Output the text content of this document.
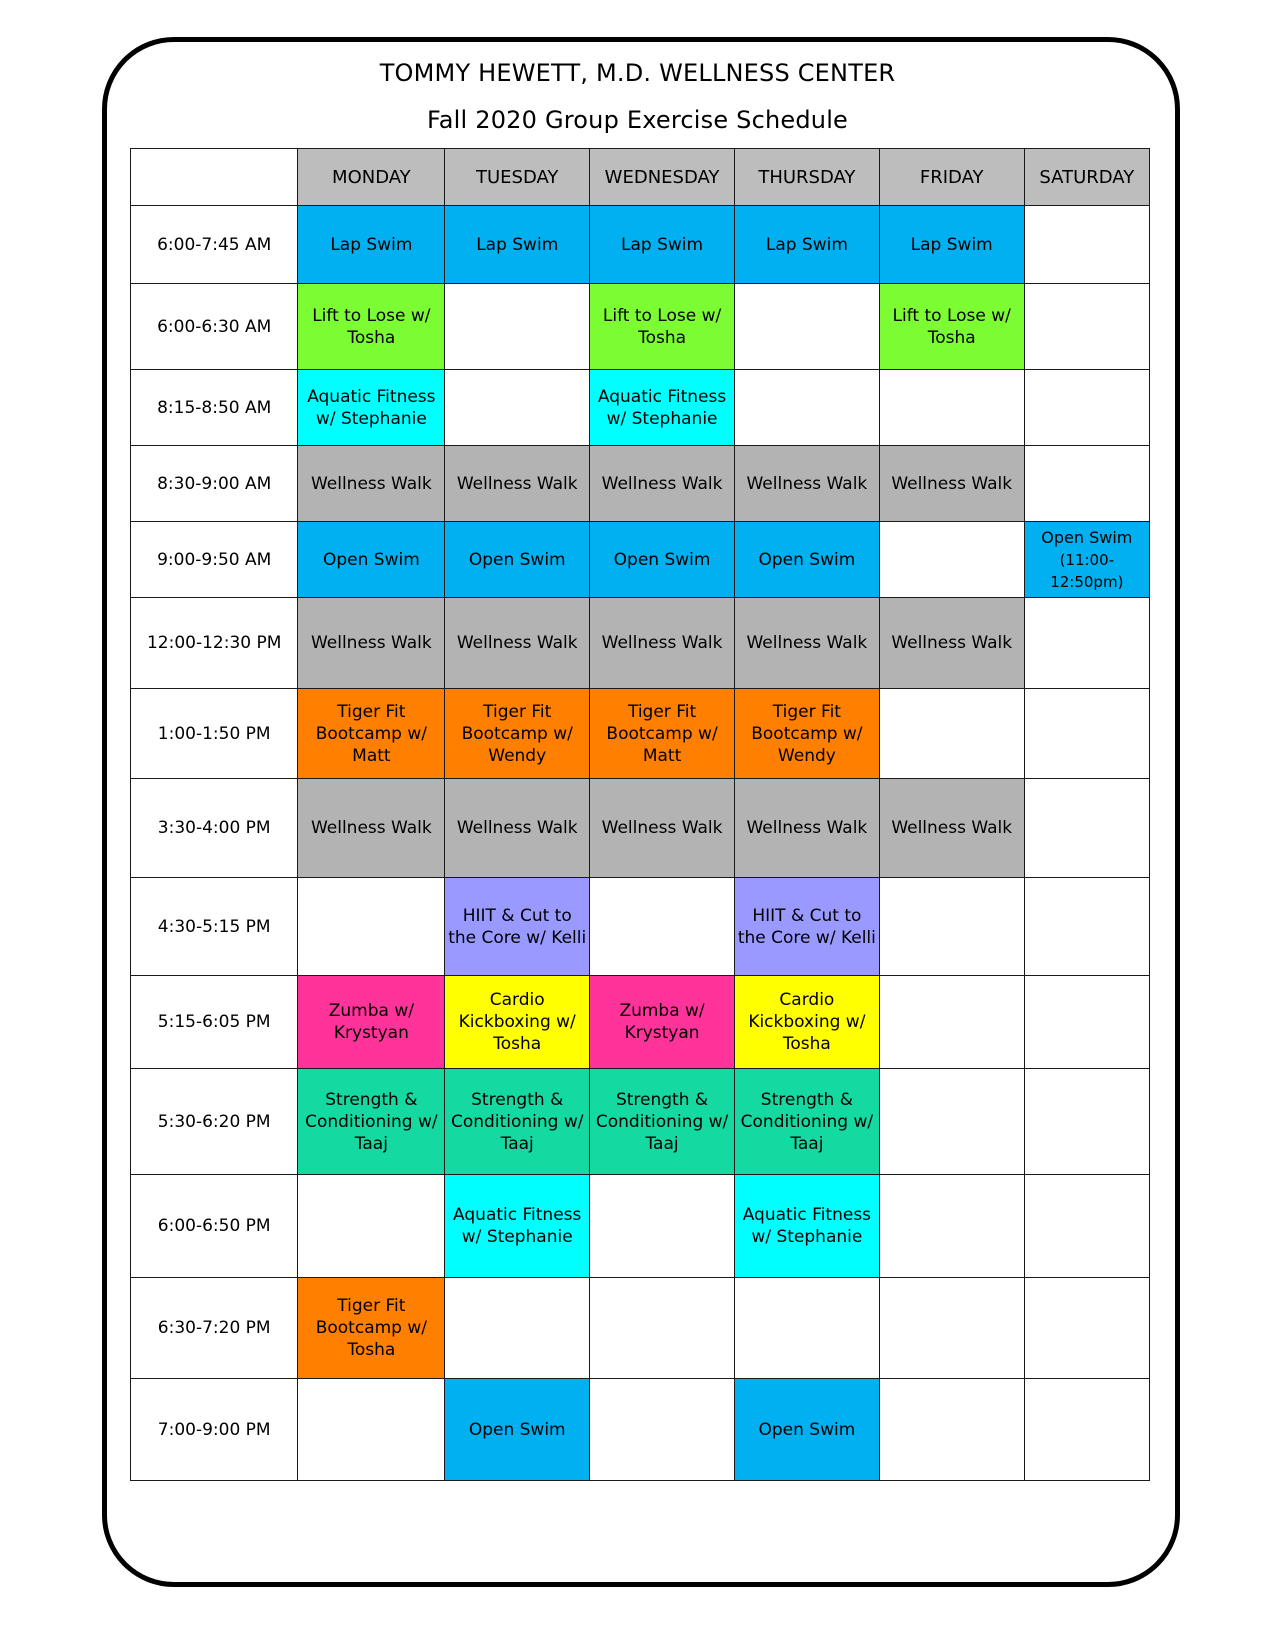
TOMMY HEWETT, M.D. WELLNESS CENTER
Fall 2020 Group Exercise Schedule
	MONDAY	TUESDAY	WEDNESDAY	THURSDAY	FRIDAY	SATURDAY
6:00-7:45 AM	Lap Swim	Lap Swim	Lap Swim	Lap Swim	Lap Swim	
6:00-6:30 AM	Lift to Lose w/ Tosha		Lift to Lose w/ Tosha		Lift to Lose w/ Tosha	
8:15-8:50 AM	Aquatic Fitness w/ Stephanie		Aquatic Fitness w/ Stephanie			
8:30-9:00 AM	Wellness Walk	Wellness Walk	Wellness Walk	Wellness Walk	Wellness Walk	
9:00-9:50 AM	Open Swim	Open Swim	Open Swim	Open Swim		Open Swim
(11:00-12:50pm)
12:00-12:30 PM	Wellness Walk	Wellness Walk	Wellness Walk	Wellness Walk	Wellness Walk	
1:00-1:50 PM	Tiger Fit Bootcamp w/ Matt	Tiger Fit Bootcamp w/ Wendy	Tiger Fit Bootcamp w/ Matt	Tiger Fit Bootcamp w/ Wendy		
3:30-4:00 PM	Wellness Walk	Wellness Walk	Wellness Walk	Wellness Walk	Wellness Walk	
4:30-5:15 PM		HIIT & Cut to the Core w/ Kelli		HIIT & Cut to the Core w/ Kelli		
5:15-6:05 PM	Zumba w/ Krystyan	Cardio Kickboxing w/ Tosha	Zumba w/ Krystyan	Cardio Kickboxing w/ Tosha		
5:30-6:20 PM	Strength & Conditioning w/ Taaj	Strength & Conditioning w/ Taaj	Strength & Conditioning w/ Taaj	Strength & Conditioning w/ Taaj		
6:00-6:50 PM		Aquatic Fitness w/ Stephanie		Aquatic Fitness w/ Stephanie		
6:30-7:20 PM	Tiger Fit Bootcamp w/ Tosha					
7:00-9:00 PM		Open Swim		Open Swim		
